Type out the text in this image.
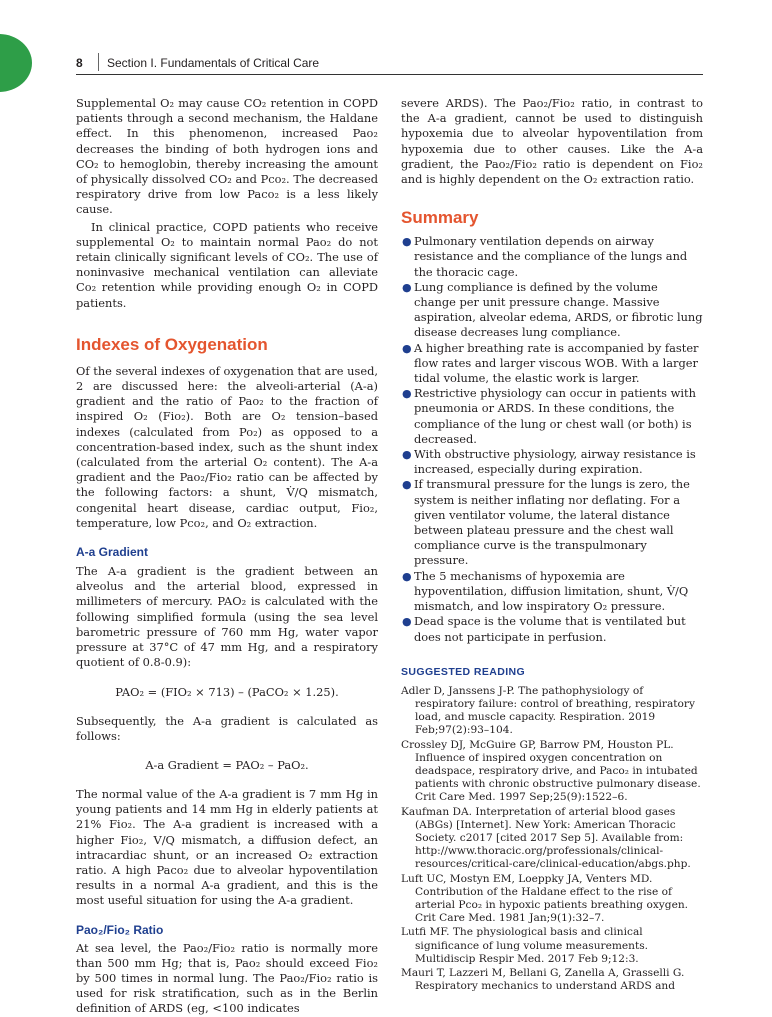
8 Section I. Fundamentals of Critical Care

Supplemental O₂ may cause CO₂ retention in COPD patients through a second mechanism, the Haldane effect. In this phenomenon, increased Pao₂ decreases the binding of both hydrogen ions and CO₂ to hemoglobin, thereby increasing the amount of physically dissolved CO₂ and Pco₂. The decreased respiratory drive from low Paco₂ is a less likely cause.

In clinical practice, COPD patients who receive supplemental O₂ to maintain normal Pao₂ do not retain clinically significant levels of CO₂. The use of noninvasive mechanical ventilation can alleviate Co₂ retention while providing enough O₂ in COPD patients.

Indexes of Oxygenation

Of the several indexes of oxygenation that are used, 2 are discussed here: the alveoli-arterial (A-a) gradient and the ratio of Pao₂ to the fraction of inspired O₂ (Fio₂). Both are O₂ tension–based indexes (calculated from Po₂) as opposed to a concentration-based index, such as the shunt index (calculated from the arterial O₂ content). The A-a gradient and the Pao₂/Fio₂ ratio can be affected by the following factors: a shunt, V̇/Q mismatch, congenital heart disease, cardiac output, Fio₂, temperature, low Pco₂, and O₂ extraction.

A-a Gradient

The A-a gradient is the gradient between an alveolus and the arterial blood, expressed in millimeters of mercury. PAO₂ is calculated with the following simplified formula (using the sea level barometric pressure of 760 mm Hg, water vapor pressure at 37°C of 47 mm Hg, and a respiratory quotient of 0.8-0.9):

PAO₂ = (FIO₂ × 713) – (PaCO₂ × 1.25).

Subsequently, the A-a gradient is calculated as follows:

A-a Gradient = PAO₂ – PaO₂.

The normal value of the A-a gradient is 7 mm Hg in young patients and 14 mm Hg in elderly patients at 21% Fio₂. The A-a gradient is increased with a higher Fio₂, V/Q mismatch, a diffusion defect, an intracardiac shunt, or an increased O₂ extraction ratio. A high Paco₂ due to alveolar hypoventilation results in a normal A-a gradient, and this is the most useful situation for using the A-a gradient.

Pao₂/Fio₂ Ratio

At sea level, the Pao₂/Fio₂ ratio is normally more than 500 mm Hg; that is, Pao₂ should exceed Fio₂ by 500 times in normal lung. The Pao₂/Fio₂ ratio is used for risk stratification, such as in the Berlin definition of ARDS (eg, <100 indicates

severe ARDS). The Pao₂/Fio₂ ratio, in contrast to the A-a gradient, cannot be used to distinguish hypoxemia due to alveolar hypoventilation from hypoxemia due to other causes. Like the A-a gradient, the Pao₂/Fio₂ ratio is dependent on Fio₂ and is highly dependent on the O₂ extraction ratio.

Summary
● Pulmonary ventilation depends on airway resistance and the compliance of the lungs and the thoracic cage.
● Lung compliance is defined by the volume change per unit pressure change. Massive aspiration, alveolar edema, ARDS, or fibrotic lung disease decreases lung compliance.
● A higher breathing rate is accompanied by faster flow rates and larger viscous WOB. With a larger tidal volume, the elastic work is larger.
● Restrictive physiology can occur in patients with pneumonia or ARDS. In these conditions, the compliance of the lung or chest wall (or both) is decreased.
● With obstructive physiology, airway resistance is increased, especially during expiration.
● If transmural pressure for the lungs is zero, the system is neither inflating nor deflating. For a given ventilator volume, the lateral distance between plateau pressure and the chest wall compliance curve is the transpulmonary pressure.
● The 5 mechanisms of hypoxemia are hypoventilation, diffusion limitation, shunt, V̇/Q mismatch, and low inspiratory O₂ pressure.
● Dead space is the volume that is ventilated but does not participate in perfusion.
SUGGESTED READING

Adler D, Janssens J-P. The pathophysiology of respiratory failure: control of breathing, respiratory load, and muscle capacity. Respiration. 2019 Feb;97(2):93–104.

Crossley DJ, McGuire GP, Barrow PM, Houston PL. Influence of inspired oxygen concentration on deadspace, respiratory drive, and Paco₂ in intubated patients with chronic obstructive pulmonary disease. Crit Care Med. 1997 Sep;25(9):1522–6.

Kaufman DA. Interpretation of arterial blood gases (ABGs) [Internet]. New York: American Thoracic Society. c2017 [cited 2017 Sep 5]. Available from: http://www.thoracic.org/professionals/clinical-resources/critical-care/clinical-education/abgs.php.

Luft UC, Mostyn EM, Loeppky JA, Venters MD. Contribution of the Haldane effect to the rise of arterial Pco₂ in hypoxic patients breathing oxygen. Crit Care Med. 1981 Jan;9(1):32–7.

Lutfi MF. The physiological basis and clinical significance of lung volume measurements. Multidiscip Respir Med. 2017 Feb 9;12:3.

Mauri T, Lazzeri M, Bellani G, Zanella A, Grasselli G. Respiratory mechanics to understand ARDS and
